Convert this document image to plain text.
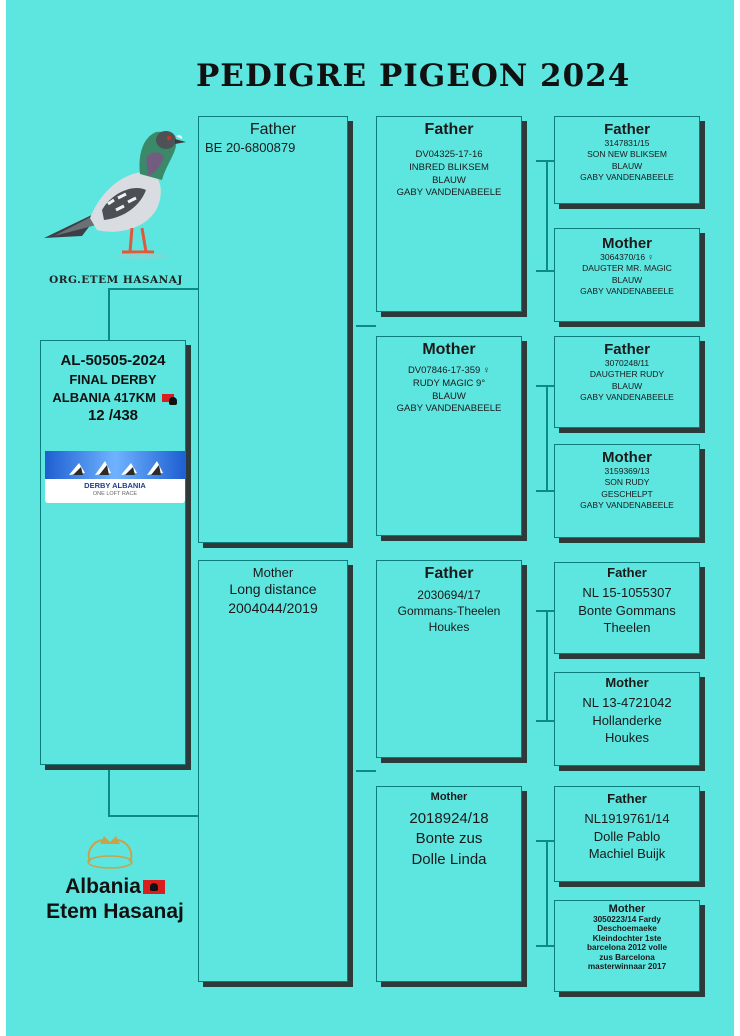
PEDIGRE PIGEON 2024
ORG.ETEM HASANAJ
AL-50505-2024
FINAL DERBY
ALBANIA 417KM
12 /438
DERBY ALBANIA
ONE LOFT RACE
Albania
Etem Hasanaj
Father
BE 20-6800879
Mother
Long distance
2004044/2019
Father
DV04325-17-16
INBRED BLIKSEM
BLAUW
GABY VANDENABEELE
Mother
DV07846-17-359 ♀
RUDY MAGIC 9°
BLAUW
GABY VANDENABEELE
Father
2030694/17
Gommans-Theelen
Houkes
Mother
2018924/18
Bonte zus
Dolle Linda
Father
3147831/15
SON NEW BLIKSEM
BLAUW
GABY VANDENABEELE
Mother
3064370/16 ♀
DAUGTER MR. MAGIC
BLAUW
GABY VANDENABEELE
Father
3070248/11
DAUGTHER RUDY
BLAUW
GABY VANDENABEELE
Mother
3159369/13
SON RUDY
GESCHELPT
GABY VANDENABEELE
Father
NL 15-1055307
Bonte Gommans
Theelen
Mother
NL 13-4721042
Hollanderke
Houkes
Father
NL1919761/14
Dolle Pablo
Machiel Buijk
Mother
3050223/14 Fardy
Deschoemaeke
Kleindochter 1ste
barcelona 2012 volle
zus Barcelona
masterwinnaar 2017
